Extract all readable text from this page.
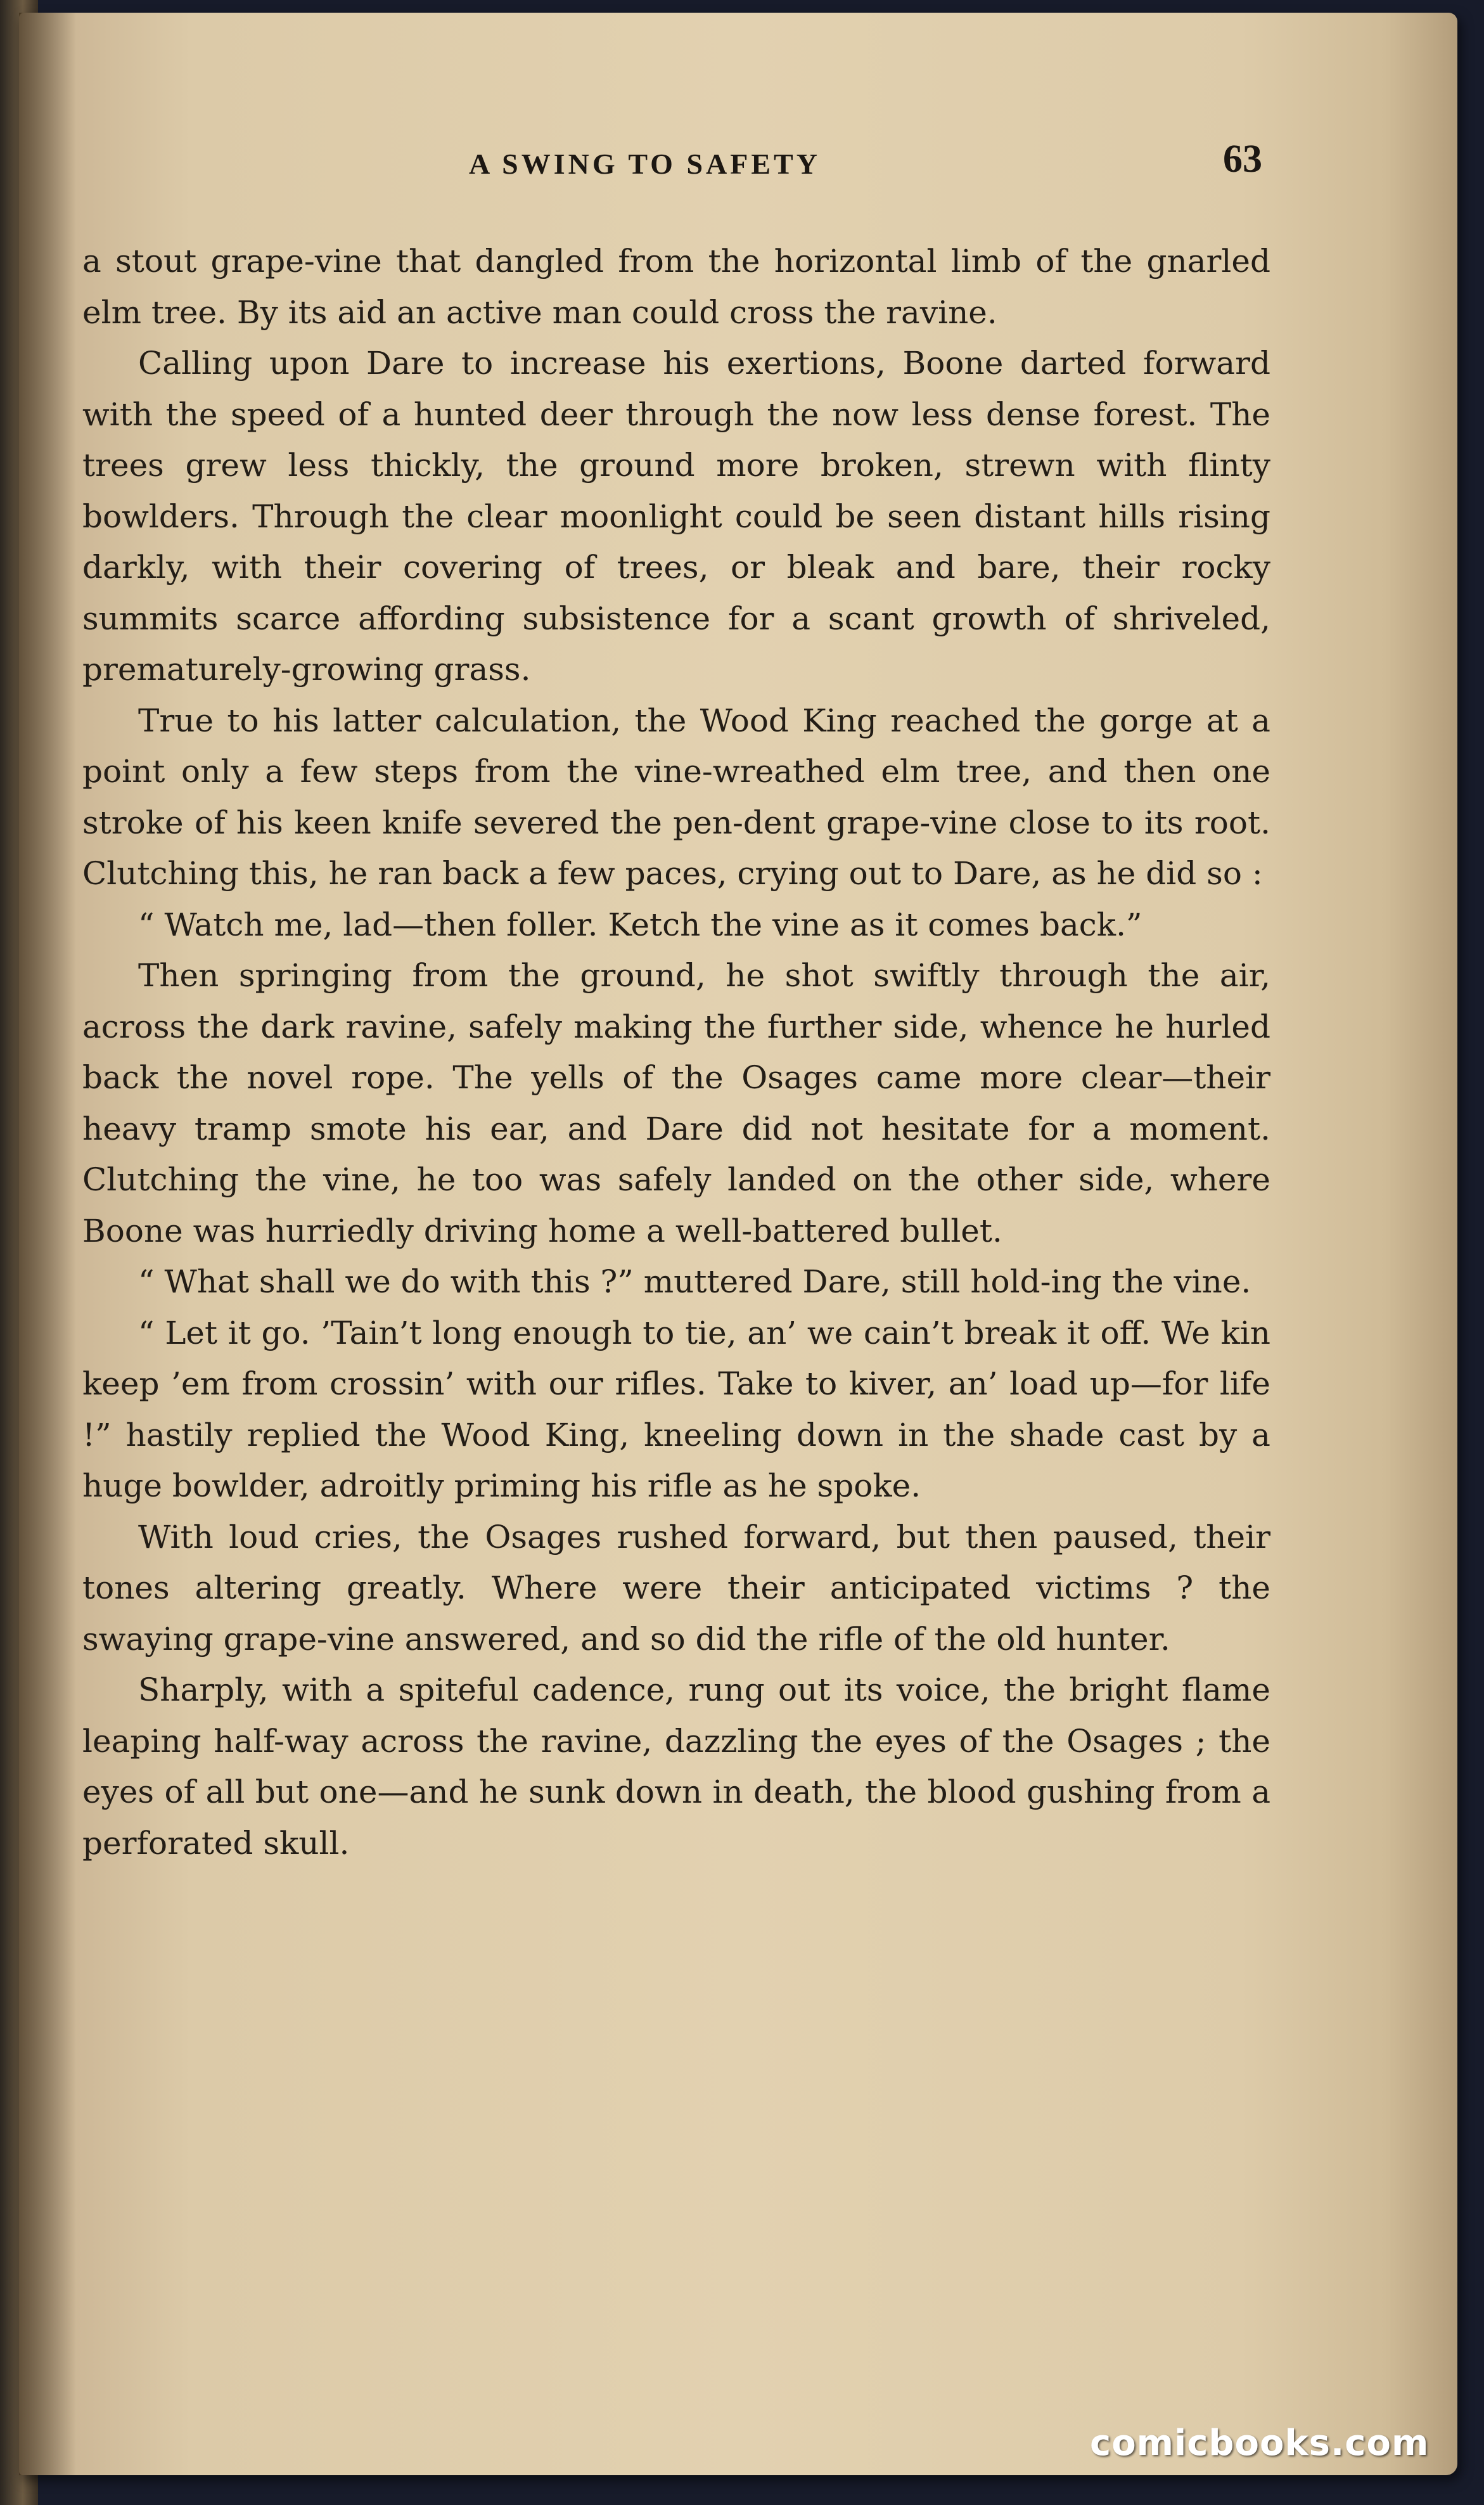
A SWING TO SAFETY	63

a stout grape-vine that dangled from the horizontal limb of the gnarled elm tree. By its aid an active man could cross the ravine.

Calling upon Dare to increase his exertions, Boone darted forward with the speed of a hunted deer through the now less dense forest. The trees grew less thickly, the ground more broken, strewn with flinty bowlders. Through the clear moonlight could be seen distant hills rising darkly, with their covering of trees, or bleak and bare, their rocky summits scarce affording subsistence for a scant growth of shriveled, prematurely-growing grass.

True to his latter calculation, the Wood King reached the gorge at a point only a few steps from the vine-wreathed elm tree, and then one stroke of his keen knife severed the pen-dent grape-vine close to its root. Clutching this, he ran back a few paces, crying out to Dare, as he did so :

“ Watch me, lad—then foller. Ketch the vine as it comes back.”

Then springing from the ground, he shot swiftly through the air, across the dark ravine, safely making the further side, whence he hurled back the novel rope. The yells of the Osages came more clear—their heavy tramp smote his ear, and Dare did not hesitate for a moment. Clutching the vine, he too was safely landed on the other side, where Boone was hurriedly driving home a well-battered bullet.

“ What shall we do with this ?” muttered Dare, still hold-ing the vine.

“ Let it go. ’Tain’t long enough to tie, an’ we cain’t break it off. We kin keep ’em from crossin’ with our rifles. Take to kiver, an’ load up—for life !” hastily replied the Wood King, kneeling down in the shade cast by a huge bowlder, adroitly priming his rifle as he spoke.

With loud cries, the Osages rushed forward, but then paused, their tones altering greatly. Where were their anticipated victims ? the swaying grape-vine answered, and so did the rifle of the old hunter.

Sharply, with a spiteful cadence, rung out its voice, the bright flame leaping half-way across the ravine, dazzling the eyes of the Osages ; the eyes of all but one—and he sunk down in death, the blood gushing from a perforated skull.

comicbooks.com
